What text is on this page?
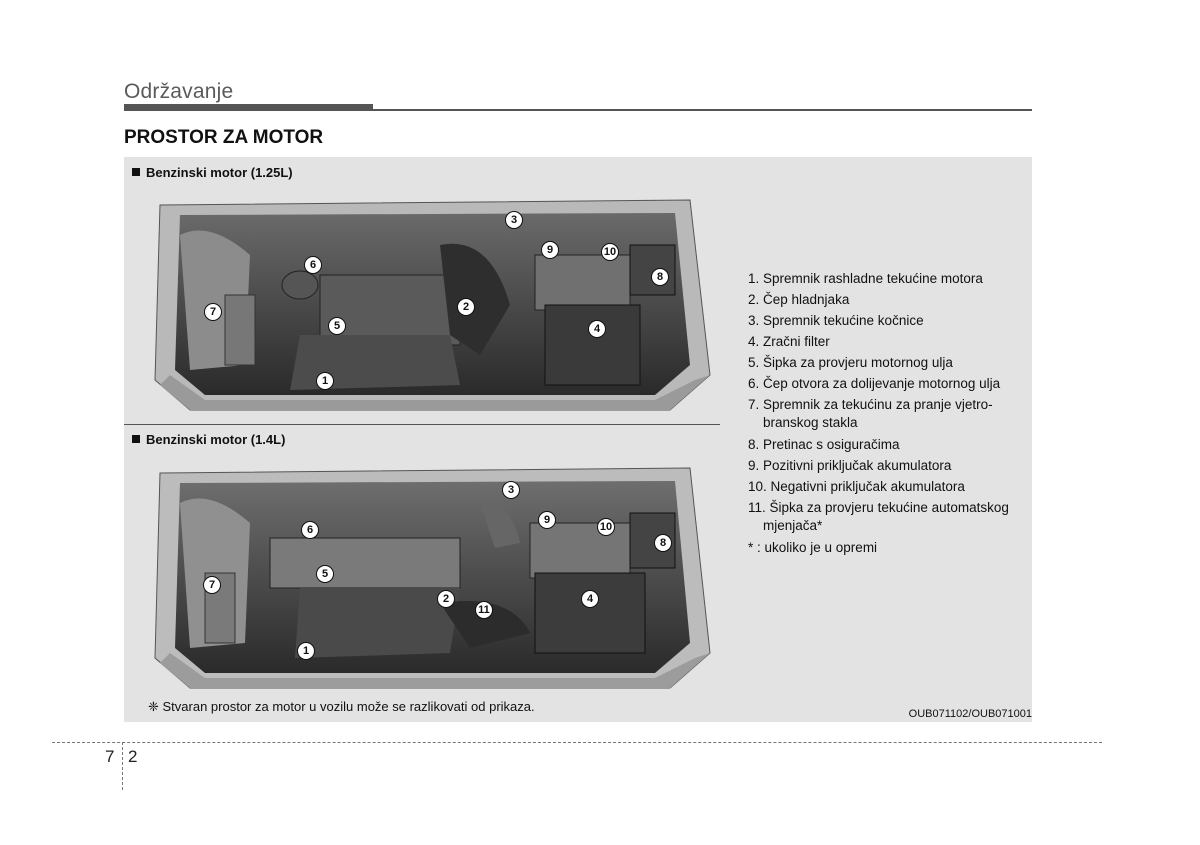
Održavanje
PROSTOR ZA MOTOR
Benzinski motor (1.25L)
3
9	10
8
6
2
7
5	4
1
Benzinski motor (1.4L)
3
9
10
8
6
5
7
2	4
11
1
1. Spremnik rashladne tekućine motora
2. Čep hladnjaka
3. Spremnik tekućine kočnice
4. Zračni filter
5. Šipka za provjeru motornog ulja
6. Čep otvora za dolijevanje motornog ulja
7. Spremnik za tekućinu za pranje vjetro-
branskog stakla
8. Pretinac s osiguračima
9. Pozitivni priključak akumulatora
10. Negativni priključak akumulatora
11. Šipka za provjeru tekućine automatskog
mjenjača*
* : ukoliko je u opremi
❈ Stvaran prostor za motor u vozilu može se razlikovati od prikaza.	OUB071102/OUB071001
7 2
